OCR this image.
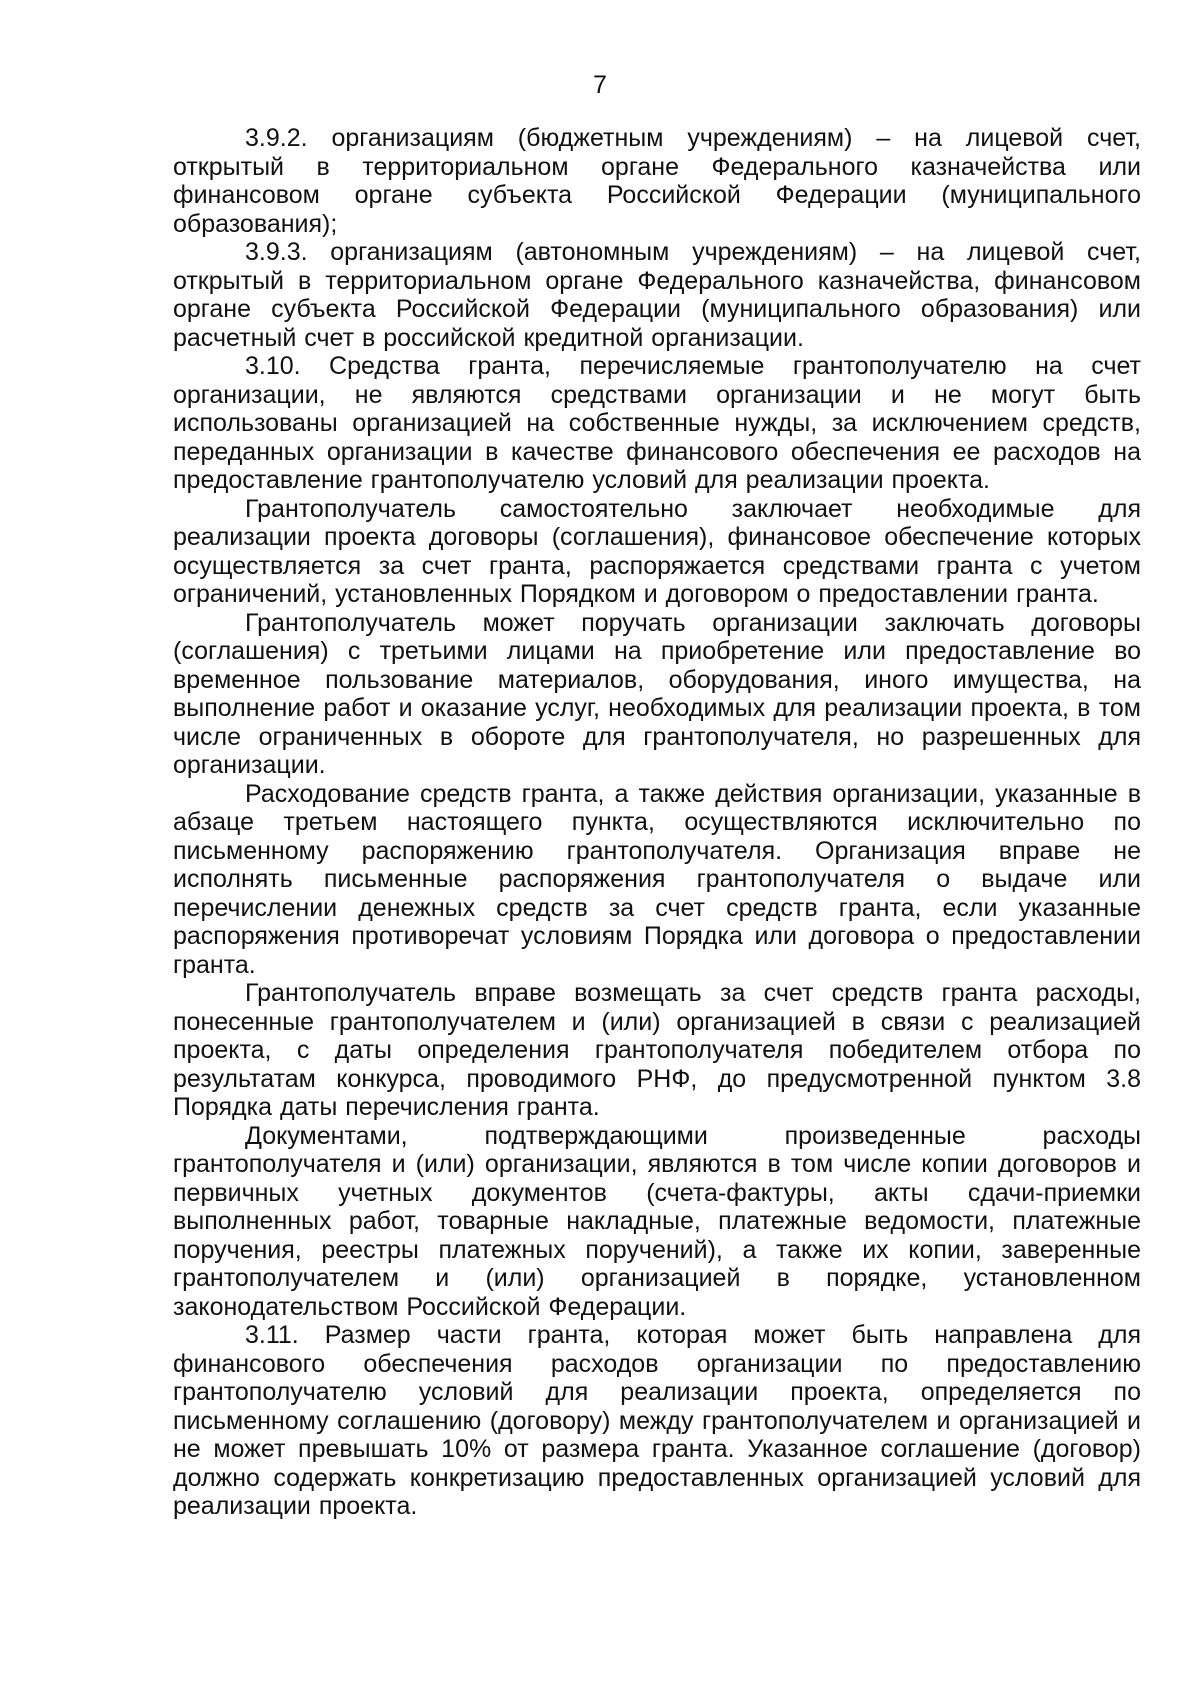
7

3.9.2. организациям (бюджетным учреждениям) – на лицевой счет, открытый в территориальном органе Федерального казначейства или финансовом органе субъекта Российской Федерации (муниципального образования);

3.9.3. организациям (автономным учреждениям) – на лицевой счет, открытый в территориальном органе Федерального казначейства, финансовом органе субъекта Российской Федерации (муниципального образования) или расчетный счет в российской кредитной организации.

3.10. Средства гранта, перечисляемые грантополучателю на счет организации, не являются средствами организации и не могут быть использованы организацией на собственные нужды, за исключением средств, переданных организации в качестве финансового обеспечения ее расходов на предоставление грантополучателю условий для реализации проекта.

Грантополучатель самостоятельно заключает необходимые для реализации проекта договоры (соглашения), финансовое обеспечение которых осуществляется за счет гранта, распоряжается средствами гранта с учетом ограничений, установленных Порядком и договором о предоставлении гранта.

Грантополучатель может поручать организации заключать договоры (соглашения) с третьими лицами на приобретение или предоставление во временное пользование материалов, оборудования, иного имущества, на выполнение работ и оказание услуг, необходимых для реализации проекта, в том числе ограниченных в обороте для грантополучателя, но разрешенных для организации.

Расходование средств гранта, а также действия организации, указанные в абзаце третьем настоящего пункта, осуществляются исключительно по письменному распоряжению грантополучателя. Организация вправе не исполнять письменные распоряжения грантополучателя о выдаче или перечислении денежных средств за счет средств гранта, если указанные распоряжения противоречат условиям Порядка или договора о предоставлении гранта.

Грантополучатель вправе возмещать за счет средств гранта расходы, понесенные грантополучателем и (или) организацией в связи с реализацией проекта, с даты определения грантополучателя победителем отбора по результатам конкурса, проводимого РНФ, до предусмотренной пунктом 3.8 Порядка даты перечисления гранта.

Документами, подтверждающими произведенные расходы грантополучателя и (или) организации, являются в том числе копии договоров и первичных учетных документов (счета-фактуры, акты сдачи-приемки выполненных работ, товарные накладные, платежные ведомости, платежные поручения, реестры платежных поручений), а также их копии, заверенные грантополучателем и (или) организацией в порядке, установленном законодательством Российской Федерации.

3.11. Размер части гранта, которая может быть направлена для финансового обеспечения расходов организации по предоставлению грантополучателю условий для реализации проекта, определяется по письменному соглашению (договору) между грантополучателем и организацией и не может превышать 10% от размера гранта. Указанное соглашение (договор) должно содержать конкретизацию предоставленных организацией условий для реализации проекта.
